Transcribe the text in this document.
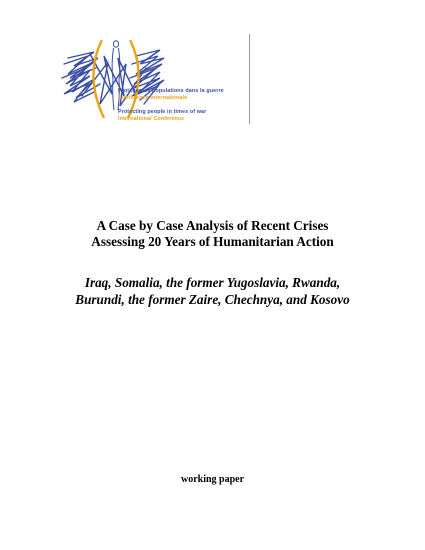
Protéger les populations dans la guerre
Conférence Internationale
Protecting people in times of war
International Conference
A Case by Case Analysis of Recent Crises
Assessing 20 Years of Humanitarian Action
Iraq, Somalia, the former Yugoslavia, Rwanda,
Burundi, the former Zaire, Chechnya, and Kosovo
working paper
